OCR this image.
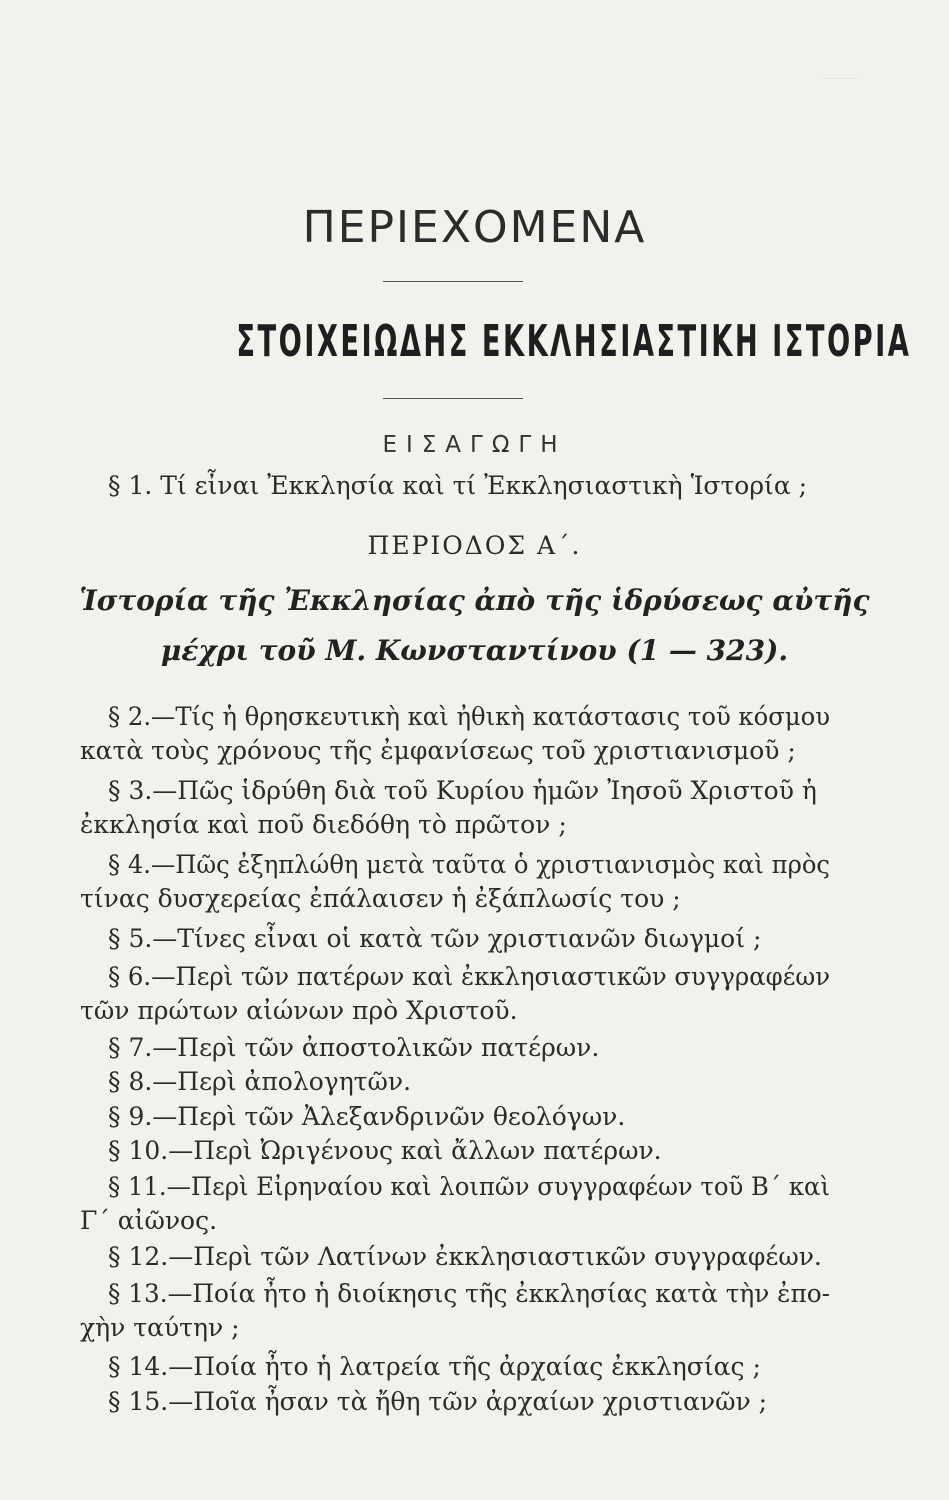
ΠΕΡΙΕΧΟΜΕΝΑ
ΣΤΟΙΧΕΙΩΔΗΣ ΕΚΚΛΗΣΙΑΣΤΙΚΗ ΙΣΤΟΡΙΑ
ΕΙΣΑΓΩΓΗ
§ 1. Τί εἶναι Ἐκκλησία καὶ τί Ἐκκλησιαστικὴ Ἱστορία ;
ΠΕΡΙΟΔΟΣ Α΄.
Ἱστορία τῆς Ἐκκλησίας ἀπὸ τῆς ἱδρύσεως αὐτῆς
μέχρι τοῦ Μ. Κωνσταντίνου (1 — 323).
§ 2.—Τίς ἡ θρησκευτικὴ καὶ ἠθικὴ κατάστασις τοῦ κόσμου
κατὰ τοὺς χρόνους τῆς ἐμφανίσεως τοῦ χριστιανισμοῦ ;
§ 3.—Πῶς ἱδρύθη διὰ τοῦ Κυρίου ἡμῶν Ἰησοῦ Χριστοῦ ἡ
ἐκκλησία καὶ ποῦ διεδόθη τὸ πρῶτον ;
§ 4.—Πῶς ἐξηπλώθη μετὰ ταῦτα ὁ χριστιανισμὸς καὶ πρὸς
τίνας δυσχερείας ἐπάλαισεν ἡ ἐξάπλωσίς του ;
§ 5.—Τίνες εἶναι οἱ κατὰ τῶν χριστιανῶν διωγμοί ;
§ 6.—Περὶ τῶν πατέρων καὶ ἐκκλησιαστικῶν συγγραφέων
τῶν πρώτων αἰώνων πρὸ Χριστοῦ.
§ 7.—Περὶ τῶν ἀποστολικῶν πατέρων.
§ 8.—Περὶ ἀπολογητῶν.
§ 9.—Περὶ τῶν Ἀλεξανδρινῶν θεολόγων.
§ 10.—Περὶ Ὠριγένους καὶ ἄλλων πατέρων.
§ 11.—Περὶ Εἰρηναίου καὶ λοιπῶν συγγραφέων τοῦ Β΄ καὶ
Γ΄ αἰῶνος.
§ 12.—Περὶ τῶν Λατίνων ἐκκλησιαστικῶν συγγραφέων.
§ 13.—Ποία ἦτο ἡ διοίκησις τῆς ἐκκλησίας κατὰ τὴν ἐπο-
χὴν ταύτην ;
§ 14.—Ποία ἦτο ἡ λατρεία τῆς ἀρχαίας ἐκκλησίας ;
§ 15.—Ποῖα ἦσαν τὰ ἤθη τῶν ἀρχαίων χριστιανῶν ;
